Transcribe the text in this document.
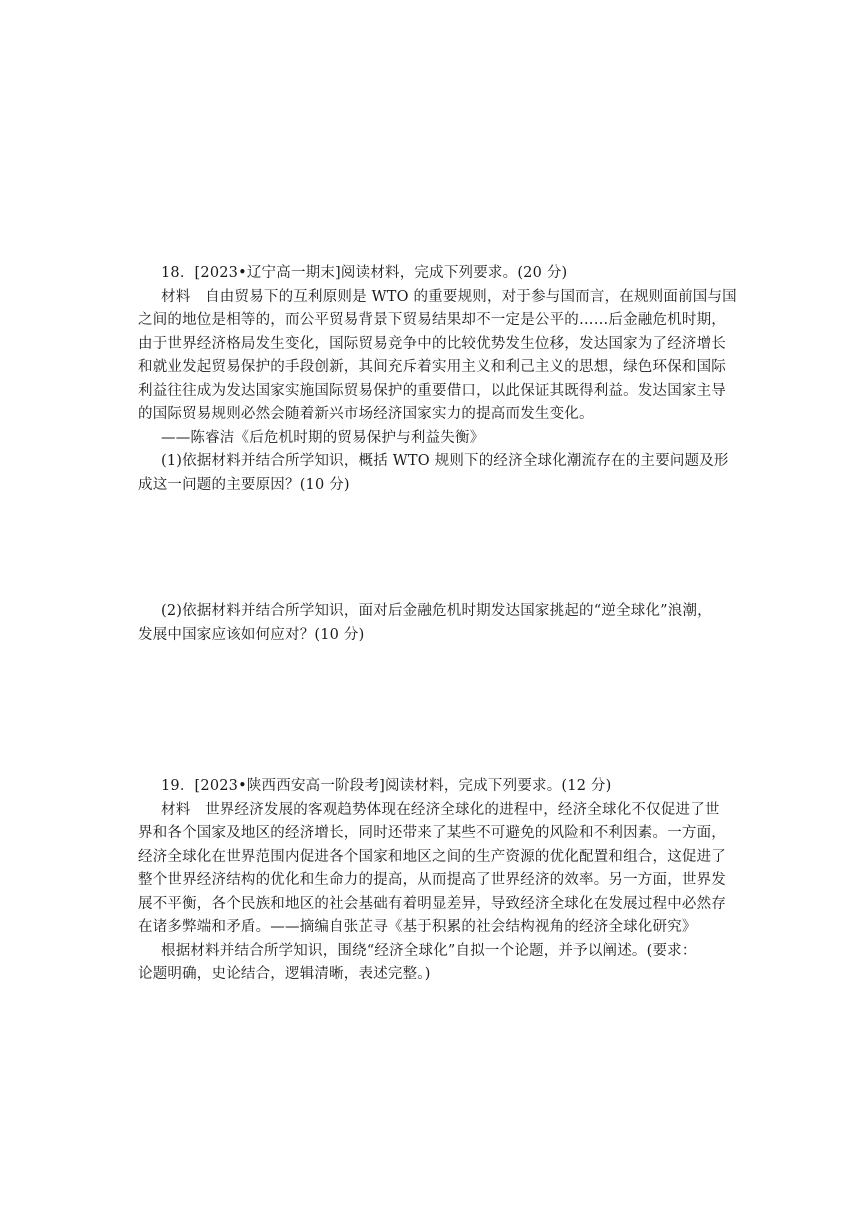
18．[2023•辽宁高一期末]阅读材料，完成下列要求。(20 分)
材料　自由贸易下的互利原则是 WTO 的重要规则，对于参与国而言，在规则面前国与国
之间的地位是相等的，而公平贸易背景下贸易结果却不一定是公平的……后金融危机时期，
由于世界经济格局发生变化，国际贸易竞争中的比较优势发生位移，发达国家为了经济增长
和就业发起贸易保护的手段创新，其间充斥着实用主义和利己主义的思想，绿色环保和国际
利益往往成为发达国家实施国际贸易保护的重要借口，以此保证其既得利益。发达国家主导
的国际贸易规则必然会随着新兴市场经济国家实力的提高而发生变化。
——陈睿洁《后危机时期的贸易保护与利益失衡》
(1)依据材料并结合所学知识，概括 WTO 规则下的经济全球化潮流存在的主要问题及形
成这一问题的主要原因？(10 分)
(2)依据材料并结合所学知识，面对后金融危机时期发达国家挑起的“逆全球化”浪潮，
发展中国家应该如何应对？(10 分)
19．[2023•陕西西安高一阶段考]阅读材料，完成下列要求。(12 分)
材料　世界经济发展的客观趋势体现在经济全球化的进程中，经济全球化不仅促进了世
界和各个国家及地区的经济增长，同时还带来了某些不可避免的风险和不利因素。一方面，
经济全球化在世界范围内促进各个国家和地区之间的生产资源的优化配置和组合，这促进了
整个世界经济结构的优化和生命力的提高，从而提高了世界经济的效率。另一方面，世界发
展不平衡，各个民族和地区的社会基础有着明显差异，导致经济全球化在发展过程中必然存
在诸多弊端和矛盾。——摘编自张芷寻《基于积累的社会结构视角的经济全球化研究》
根据材料并结合所学知识，围绕“经济全球化”自拟一个论题，并予以阐述。(要求：
论题明确，史论结合，逻辑清晰，表述完整。)
